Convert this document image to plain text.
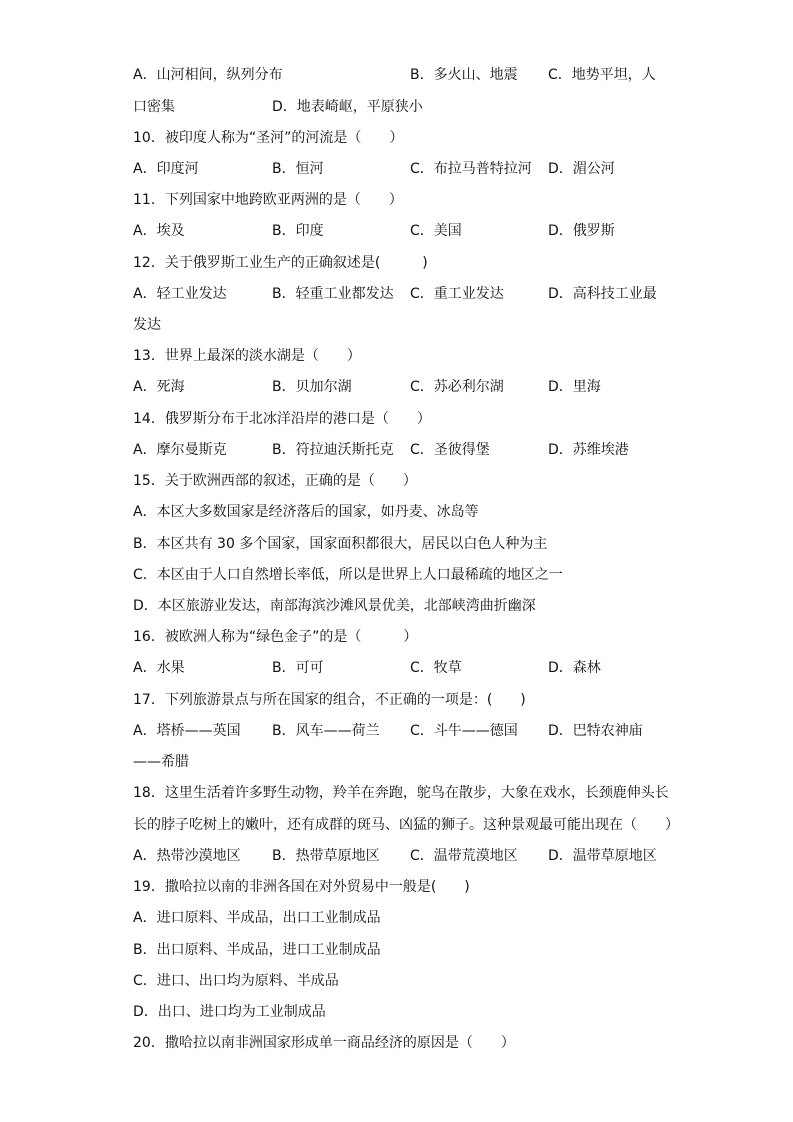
A．山河相间，纵列分布	B．多火山、地震 C．地势平坦，人
口密集	D．地表崎岖，平原狭小
10．被印度人称为“圣河”的河流是（　　）
A．印度河	B．恒河	C．布拉马普特拉河 D．湄公河
11．下列国家中地跨欧亚两洲的是（　　）
A．埃及	B．印度	C．美国	D．俄罗斯
12．关于俄罗斯工业生产的正确叙述是(　　　)
A．轻工业发达	B．轻重工业都发达 C．重工业发达	D．高科技工业最
发达
13．世界上最深的淡水湖是（　　）
A．死海	B．贝加尔湖	C．苏必利尔湖	D．里海
14．俄罗斯分布于北冰洋沿岸的港口是（　　）
A．摩尔曼斯克	B．符拉迪沃斯托克 C．圣彼得堡	D．苏维埃港
15．关于欧洲西部的叙述，正确的是（　　）
A．本区大多数国家是经济落后的国家，如丹麦、冰岛等
B．本区共有 30 多个国家，国家面积都很大，居民以白色人种为主
C．本区由于人口自然增长率低，所以是世界上人口最稀疏的地区之一
D．本区旅游业发达，南部海滨沙滩风景优美，北部峡湾曲折幽深
16．被欧洲人称为“绿色金子”的是（　　　）
A．水果	B．可可	C．牧草	D．森林
17．下列旅游景点与所在国家的组合，不正确的一项是：(　　)
A．塔桥——英国 B．风车——荷兰 C．斗牛——德国 D．巴特农神庙
——希腊
18．这里生活着许多野生动物，羚羊在奔跑，鸵鸟在散步，大象在戏水，长颈鹿伸头长
长的脖子吃树上的嫩叶，还有成群的斑马、凶猛的狮子。这种景观最可能出现在（　　）
A．热带沙漠地区 B．热带草原地区 C．温带荒漠地区 D．温带草原地区
19．撒哈拉以南的非洲各国在对外贸易中一般是(　　)
A．进口原料、半成品，出口工业制成品
B．出口原料、半成品，进口工业制成品
C．进口、出口均为原料、半成品
D．出口、进口均为工业制成品
20．撒哈拉以南非洲国家形成单一商品经济的原因是（　　）
